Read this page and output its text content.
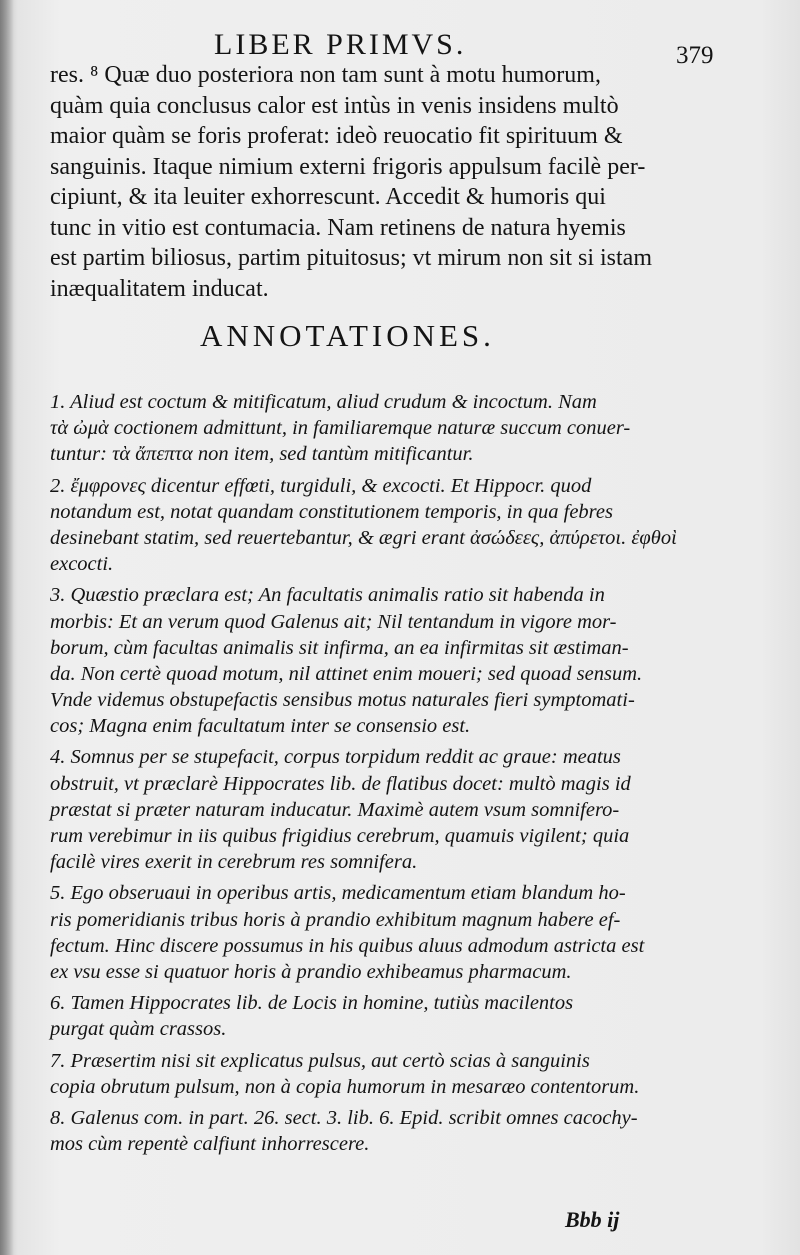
LIBER PRIMVS.	379
res. ⁸ Quæ duo posteriora non tam sunt à motu humorum,
quàm quia conclusus calor est intùs in venis insidens multò
maior quàm se foris proferat: ideò reuocatio fit spirituum &
sanguinis. Itaque nimium externi frigoris appulsum facilè per-
cipiunt, & ita leuiter exhorrescunt. Accedit & humoris qui
tunc in vitio est contumacia. Nam retinens de natura hyemis
est partim biliosus, partim pituitosus; vt mirum non sit si istam
inæqualitatem inducat.
ANNOTATIONES.
1. Aliud est coctum & mitificatum, aliud crudum & incoctum. Nam
τὰ ὠμὰ coctionem admittunt, in familiaremque naturæ succum conuer-
tuntur: τὰ ἄπεπτα non item, sed tantùm mitificantur.
2. ἔμφρονες dicentur effœti, turgiduli, & excocti. Et Hippocr. quod
notandum est, notat quandam constitutionem temporis, in qua febres
desinebant statim, sed reuertebantur, & ægri erant ἀσώδεες, ἀπύρετοι. ἐφθοὶ
excocti.
3. Quæstio præclara est; An facultatis animalis ratio sit habenda in
morbis: Et an verum quod Galenus ait; Nil tentandum in vigore mor-
borum, cùm facultas animalis sit infirma, an ea infirmitas sit æstiman-
da. Non certè quoad motum, nil attinet enim moueri; sed quoad sensum.
Vnde videmus obstupefactis sensibus motus naturales fieri symptomati-
cos; Magna enim facultatum inter se consensio est.
4. Somnus per se stupefacit, corpus torpidum reddit ac graue: meatus
obstruit, vt præclarè Hippocrates lib. de flatibus docet: multò magis id
præstat si præter naturam inducatur. Maximè autem vsum somnifero-
rum verebimur in iis quibus frigidius cerebrum, quamuis vigilent; quia
facilè vires exerit in cerebrum res somnifera.
5. Ego obseruaui in operibus artis, medicamentum etiam blandum ho-
ris pomeridianis tribus horis à prandio exhibitum magnum habere ef-
fectum. Hinc discere possumus in his quibus aluus admodum astricta est
ex vsu esse si quatuor horis à prandio exhibeamus pharmacum.
6. Tamen Hippocrates lib. de Locis in homine, tutiùs macilentos
purgat quàm crassos.
7. Præsertim nisi sit explicatus pulsus, aut certò scias à sanguinis
copia obrutum pulsum, non à copia humorum in mesaræo contentorum.
8. Galenus com. in part. 26. sect. 3. lib. 6. Epid. scribit omnes cacochy-
mos cùm repentè calfiunt inhorrescere.
Bbb ij
